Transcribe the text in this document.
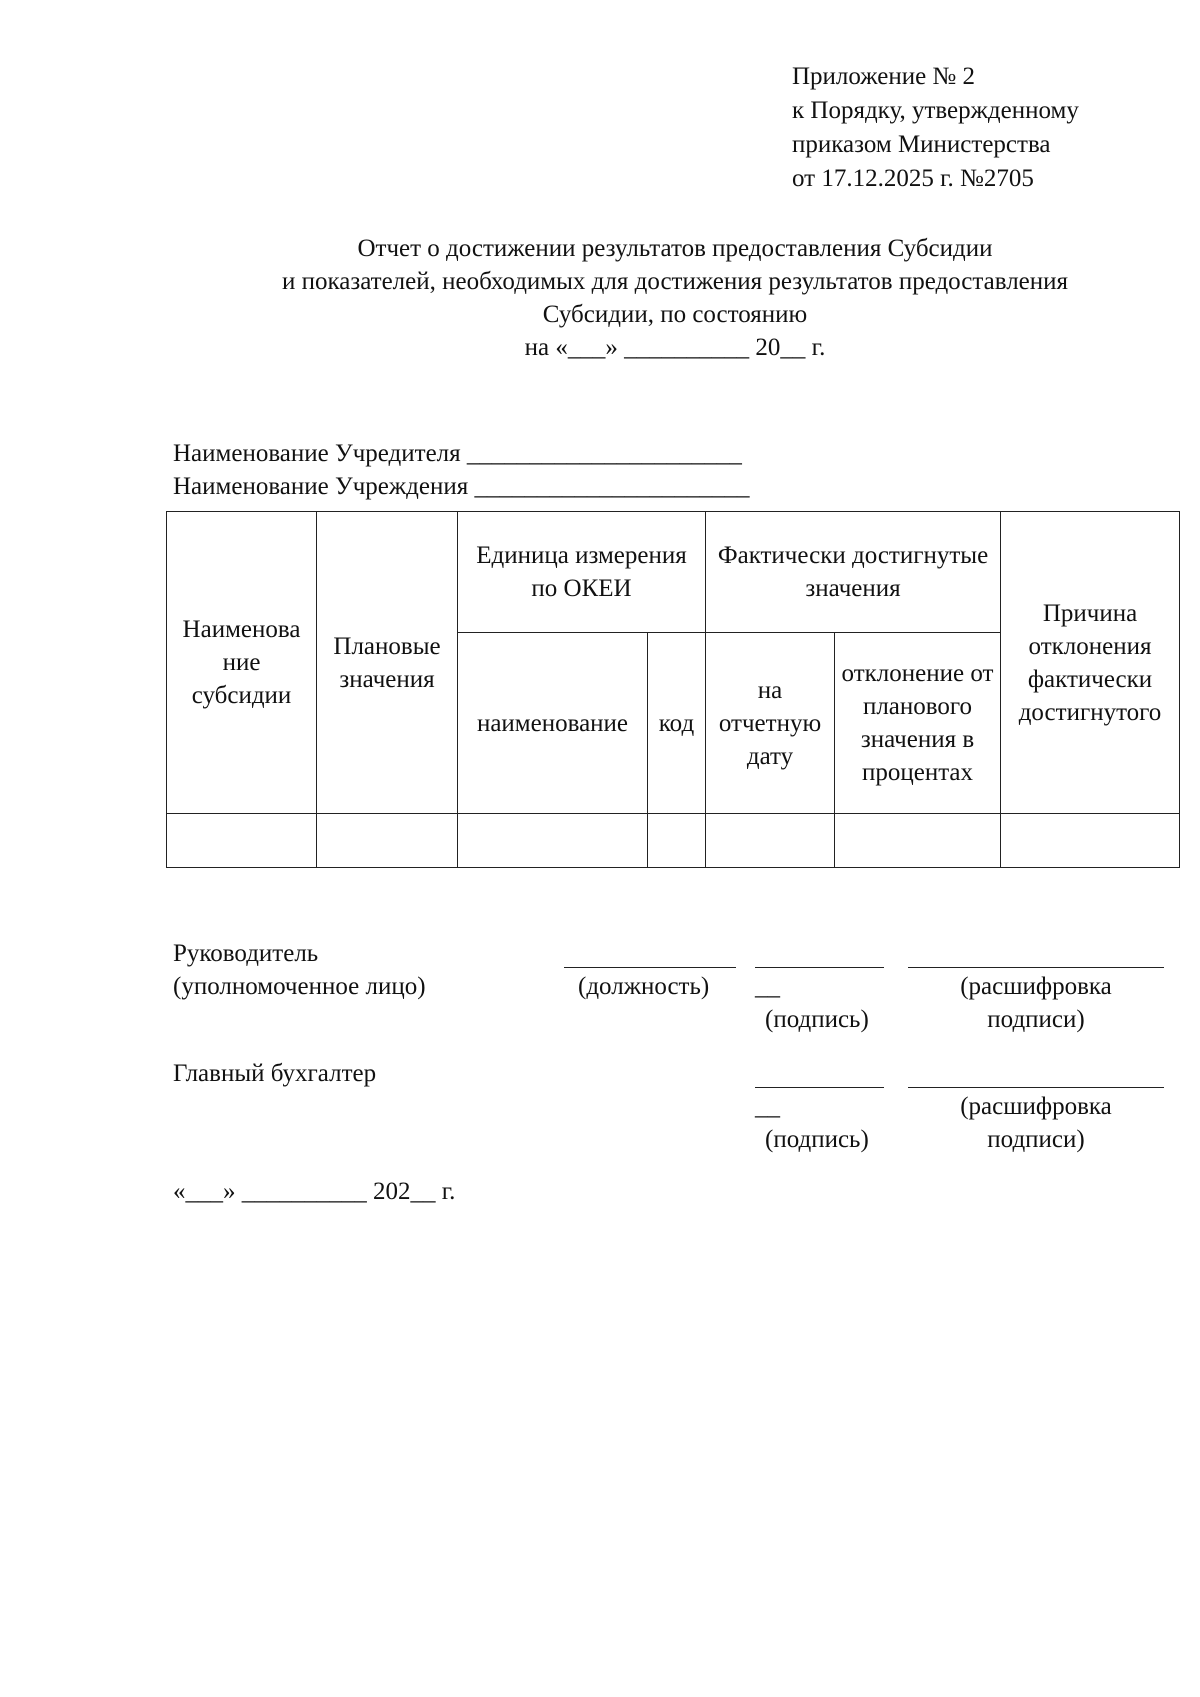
Приложение № 2
к Порядку, утвержденному
приказом Министерства
от 17.12.2025 г. №2705
Отчет о достижении результатов предоставления Субсидии
и показателей, необходимых для достижения результатов предоставления
Субсидии, по состоянию
на «___» __________ 20__ г.
Наименование Учредителя ______________________
Наименование Учреждения ______________________
Наименова ние субсидии	Плановые значения	Единица измерения по ОКЕИ		Фактически достигнутые значения		Причина отклонения фактически достигнутого
		наименование	код	на отчетную дату	отклонение от планового значения в процентах	

Руководитель
(уполномоченное лицо)	(должность) __
(подпись)
(расшифровка
подписи)
Главный бухгалтер
__
(подпись)
(расшифровка
подписи)
«___» __________ 202__ г.
